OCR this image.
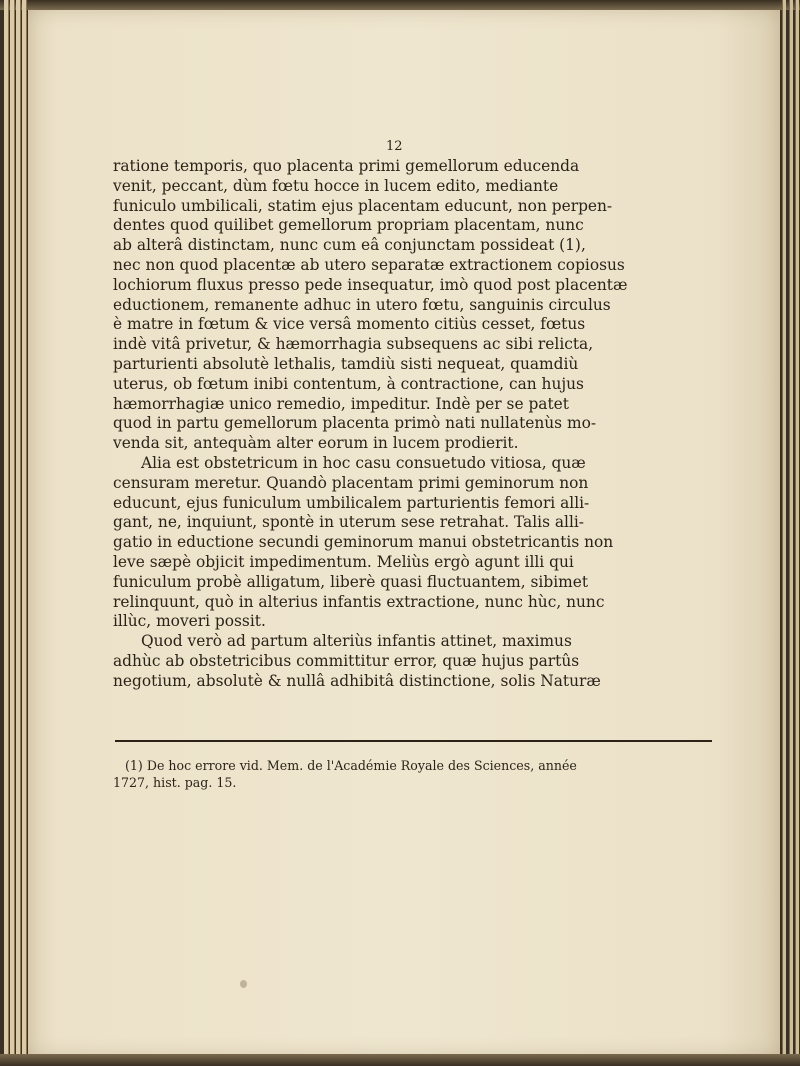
12
ratione temporis, quo placenta primi gemellorum educenda
venit, peccant, dùm fœtu hocce in lucem edito, mediante
funiculo umbilicali, statim ejus placentam educunt, non perpen-
dentes quod quilibet gemellorum propriam placentam, nunc
ab alterâ distinctam, nunc cum eâ conjunctam possideat (1),
nec non quod placentæ ab utero separatæ extractionem copiosus
lochiorum fluxus presso pede insequatur, imò quod post placentæ
eductionem, remanente adhuc in utero fœtu, sanguinis circulus
è matre in fœtum & vice versâ momento citiùs cesset, fœtus
indè vitâ privetur, & hæmorrhagia subsequens ac sibi relicta,
parturienti absolutè lethalis, tamdiù sisti nequeat, quamdiù
uterus, ob fœtum inibi contentum, à contractione, can hujus
hæmorrhagiæ unico remedio, impeditur. Indè per se patet
quod in partu gemellorum placenta primò nati nullatenùs mo-
venda sit, antequàm alter eorum in lucem prodierit.
Alia est obstetricum in hoc casu consuetudo vitiosa, quæ
censuram meretur. Quandò placentam primi geminorum non
educunt, ejus funiculum umbilicalem parturientis femori alli-
gant, ne, inquiunt, spontè in uterum sese retrahat. Talis alli-
gatio in eductione secundi geminorum manui obstetricantis non
leve sæpè objicit impedimentum. Meliùs ergò agunt illi qui
funiculum probè alligatum, liberè quasi fluctuantem, sibimet
relinquunt, quò in alterius infantis extractione, nunc hùc, nunc
illùc, moveri possit.
Quod verò ad partum alteriùs infantis attinet, maximus
adhùc ab obstetricibus committitur error, quæ hujus partûs
negotium, absolutè & nullâ adhibitâ distinctione, solis Naturæ
(1) De hoc errore vid. Mem. de l'Académie Royale des Sciences, année
1727, hist. pag. 15.
